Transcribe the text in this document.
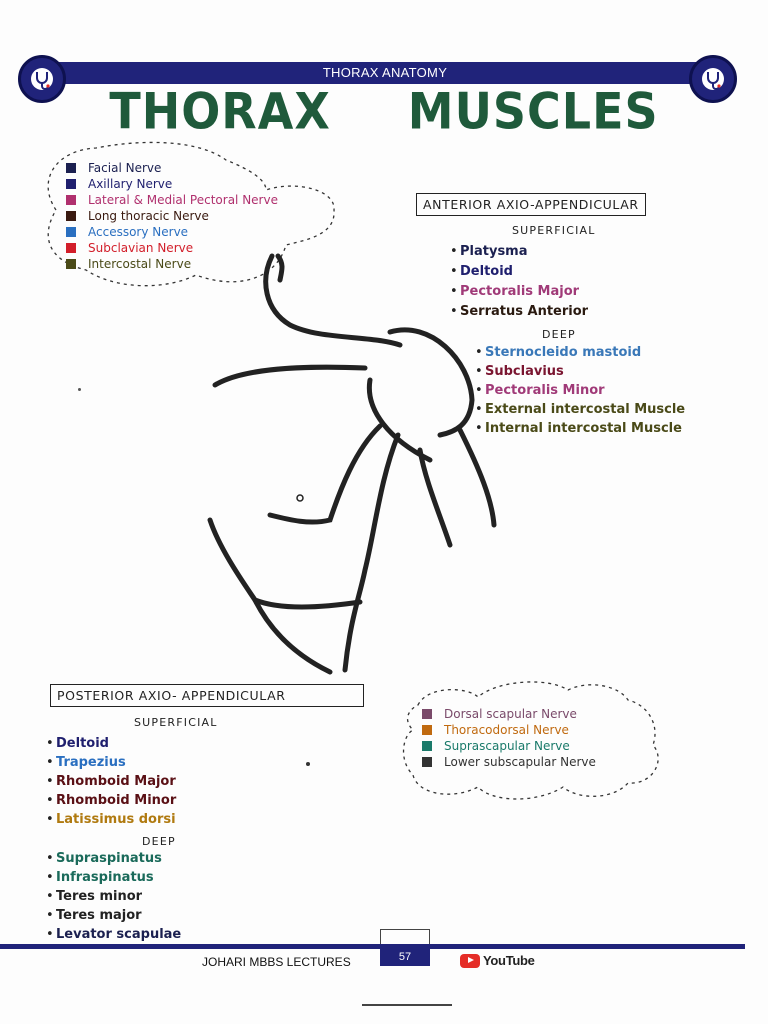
THORAX ANATOMY
THORAX MUSCLES
Facial Nerve
Axillary Nerve
Lateral & Medial Pectoral Nerve
Long thoracic Nerve
Accessory Nerve
Subclavian Nerve
Intercostal Nerve
ANTERIOR AXIO-APPENDICULAR
SUPERFICIAL
• Platysma
• Deltoid
• Pectoralis Major
• Serratus Anterior
DEEP
• Sternocleido mastoid
• Subclavius
• Pectoralis Minor
• External intercostal Muscle
• Internal intercostal Muscle
POSTERIOR AXIO- APPENDICULAR
SUPERFICIAL
• Deltoid
• Trapezius
• Rhomboid Major
• Rhomboid Minor
• Latissimus dorsi
DEEP
• Supraspinatus
• Infraspinatus
• Teres minor
• Teres major
• Levator scapulae
Dorsal scapular Nerve
Thoracodorsal Nerve
Suprascapular Nerve
Lower subscapular Nerve
57
JOHARI MBBS LECTURES	YouTube
